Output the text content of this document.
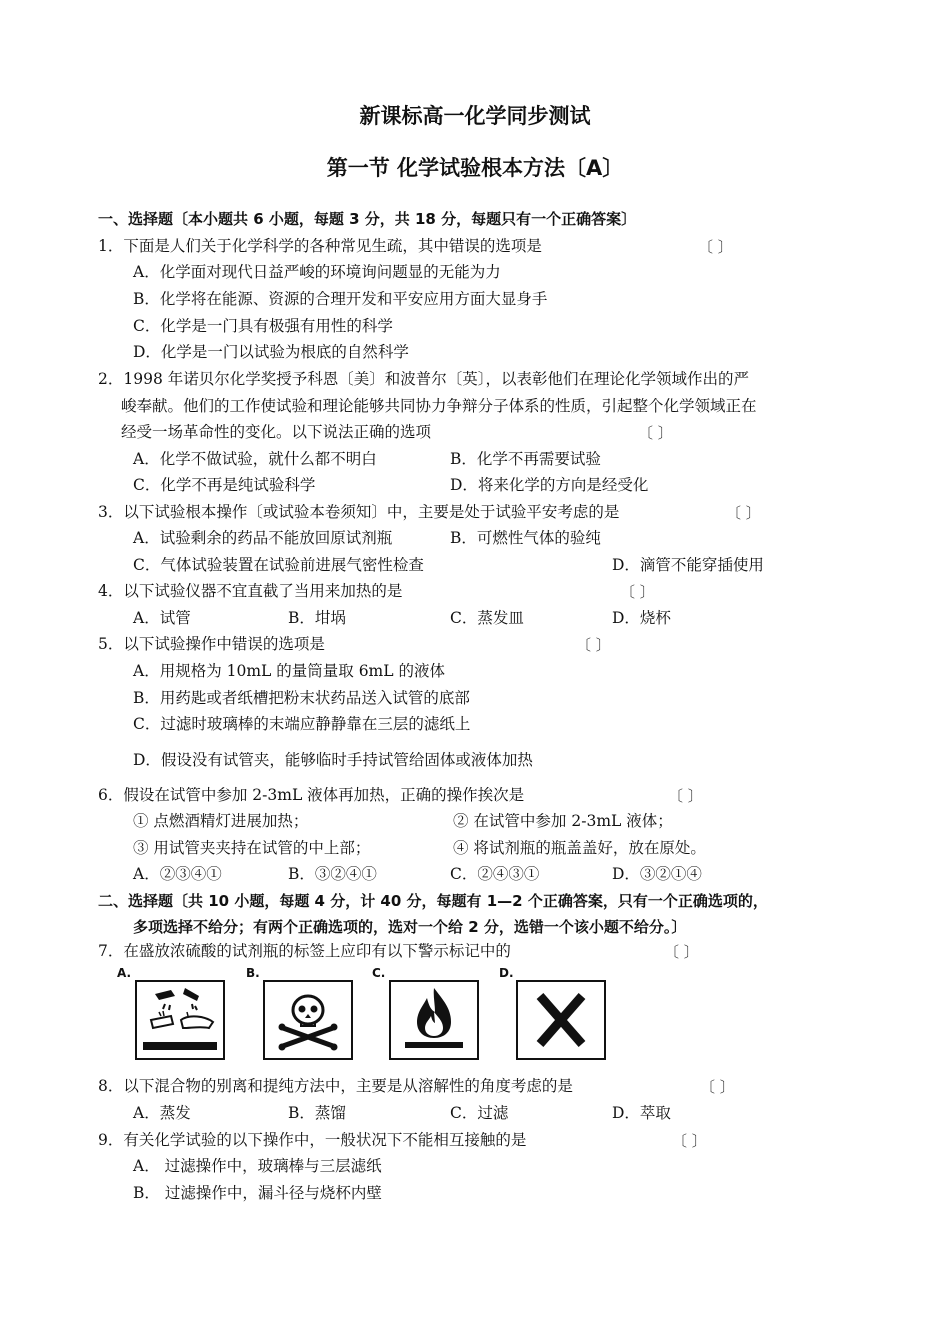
新课标高一化学同步测试
第一节 化学试验根本方法〔A〕
一、选择题〔本小题共 6 小题，每题 3 分，共 18 分，每题只有一个正确答案〕
1．下面是人们关于化学科学的各种常见生疏，其中错误的选项是	〔 〕
A．化学面对现代日益严峻的环境询问题显的无能为力
B．化学将在能源、资源的合理开发和平安应用方面大显身手
C．化学是一门具有极强有用性的科学
D．化学是一门以试验为根底的自然科学
2．1998 年诺贝尔化学奖授予科恩〔美〕和波普尔〔英〕，以表彰他们在理论化学领域作出的严
峻奉献。他们的工作使试验和理论能够共同协力争辩分子体系的性质，引起整个化学领域正在
经受一场革命性的变化。以下说法正确的选项	〔 〕
A．化学不做试验，就什么都不明白	B．化学不再需要试验
C．化学不再是纯试验科学	D．将来化学的方向是经受化
3．以下试验根本操作〔或试验本卷须知〕中，主要是处于试验平安考虑的是	〔 〕
A．试验剩余的药品不能放回原试剂瓶	B．可燃性气体的验纯
C．气体试验装置在试验前进展气密性检查	D．滴管不能穿插使用
4．以下试验仪器不宜直截了当用来加热的是	〔 〕
A．试管	B．坩埚	C．蒸发皿	D．烧杯
5．以下试验操作中错误的选项是	〔 〕
A．用规格为 10mL 的量筒量取 6mL 的液体
B．用药匙或者纸槽把粉末状药品送入试管的底部
C．过滤时玻璃棒的末端应静静靠在三层的滤纸上
D．假设没有试管夹，能够临时手持试管给固体或液体加热
6．假设在试管中参加 2-3mL 液体再加热，正确的操作挨次是	〔 〕
① 点燃酒精灯进展加热；	② 在试管中参加 2-3mL 液体；
③ 用试管夹夹持在试管的中上部；	④ 将试剂瓶的瓶盖盖好，放在原处。
A．②③④①	B．③②④①	C．②④③①	D．③②①④
二、选择题〔共 10 小题，每题 4 分，计 40 分，每题有 1—2 个正确答案，只有一个正确选项的，
多项选择不给分；有两个正确选项的，选对一个给 2 分，选错一个该小题不给分。〕
7．在盛放浓硫酸的试剂瓶的标签上应印有以下警示标记中的	〔 〕
A.	B.	C.	D.
8．以下混合物的别离和提纯方法中，主要是从溶解性的角度考虑的是	〔 〕
A．蒸发	B．蒸馏	C．过滤	D．萃取
9．有关化学试验的以下操作中，一般状况下不能相互接触的是	〔 〕
A． 过滤操作中，玻璃棒与三层滤纸
B． 过滤操作中，漏斗径与烧杯内壁
